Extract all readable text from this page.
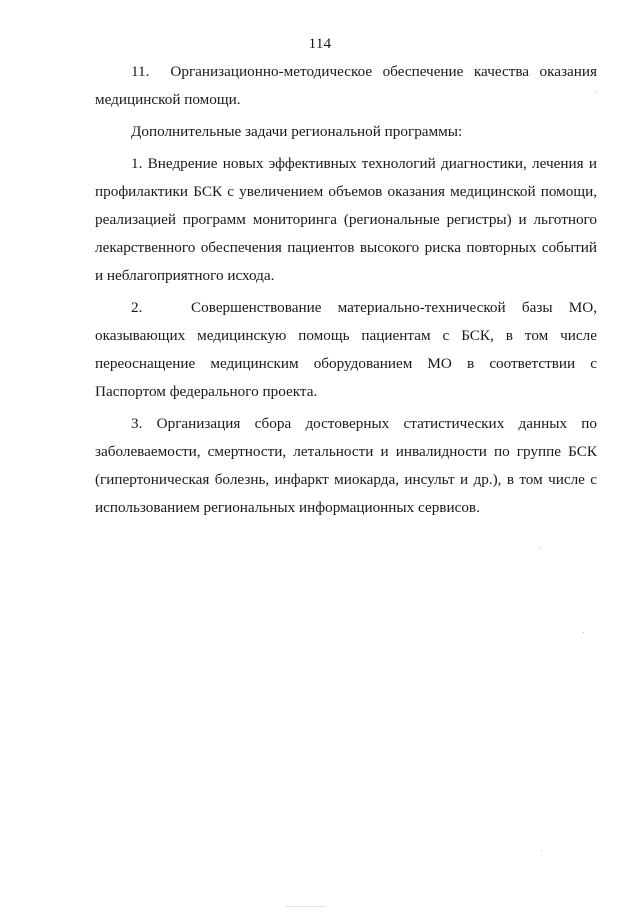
114

11.  Организационно-методическое обеспечение качества оказания медицинской помощи.

Дополнительные задачи региональной программы:

1. Внедрение новых эффективных технологий диагностики, лечения и профилактики БСК с увеличением объемов оказания медицинской помощи, реализацией программ мониторинга (региональные регистры) и льготного лекарственного обеспечения пациентов высокого риска повторных событий и неблагоприятного исхода.

2.   Совершенствование материально-технической базы МО, оказывающих медицинскую помощь пациентам с БСК, в том числе переоснащение медицинским оборудованием МО в соответствии с Паспортом федерального проекта.

3. Организация сбора достоверных статистических данных по заболеваемости, смертности, летальности и инвалидности по группе БСК (гипертоническая болезнь, инфаркт миокарда, инсульт и др.), в том числе с использованием региональных информационных сервисов.
